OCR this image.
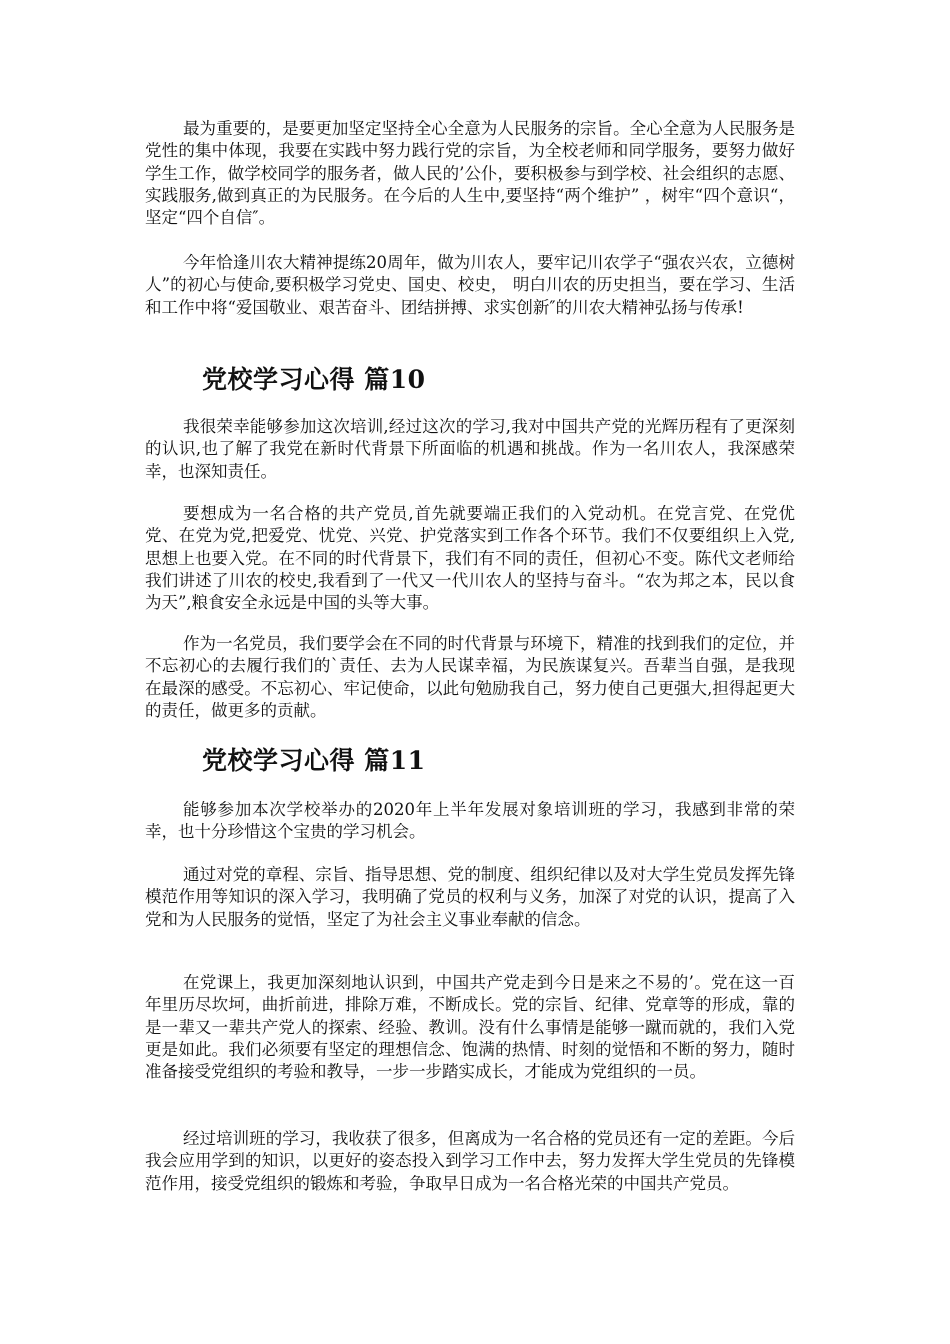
最为重要的，是要更加坚定坚持全心全意为人民服务的宗旨。全心全意为人民服务是党性的集中体现，我要在实践中努力践行党的宗旨，为全校老师和同学服务，要努力做好学生工作，做学校同学的服务者，做人民的’公仆，要积极参与到学校、社会组织的志愿、实践服务,做到真正的为民服务。在今后的人生中,要坚持“两个维护” ，树牢“四个意识“，坚定“四个自信″。

今年恰逢川农大精神提练20周年，做为川农人，要牢记川农学子“强农兴农，立德树人”的初心与使命,要积极学习党史、国史、校史， 明白川农的历史担当，要在学习、生活和工作中将“爱国敬业、艰苦奋斗、团结拼搏、求实创新″的川农大精神弘扬与传承!

党校学习心得 篇10

我很荣幸能够参加这次培训,经过这次的学习,我对中国共产党的光辉历程有了更深刻的认识,也了解了我党在新时代背景下所面临的机遇和挑战。作为一名川农人，我深感荣幸，也深知责任。

要想成为一名合格的共产党员,首先就要端正我们的入党动机。在党言党、在党优党、在党为党,把爱党、忧党、兴党、护党落实到工作各个环节。我们不仅要组织上入党,思想上也要入党。在不同的时代背景下，我们有不同的责任，但初心不变。陈代文老师给我们讲述了川农的校史,我看到了一代又一代川农人的坚持与奋斗。“农为邦之本，民以食为天”,粮食安全永远是中国的头等大事。

作为一名党员，我们要学会在不同的时代背景与环境下，精准的找到我们的定位，并不忘初心的去履行我们的`责任、去为人民谋幸福，为民族谋复兴。吾辈当自强，是我现在最深的感受。不忘初心、牢记使命，以此句勉励我自己，努力使自己更强大,担得起更大的责任，做更多的贡献。

党校学习心得 篇11

能够参加本次学校举办的2020年上半年发展对象培训班的学习，我感到非常的荣幸，也十分珍惜这个宝贵的学习机会。

通过对党的章程、宗旨、指导思想、党的制度、组织纪律以及对大学生党员发挥先锋模范作用等知识的深入学习，我明确了党员的权利与义务，加深了对党的认识，提高了入党和为人民服务的觉悟，坚定了为社会主义事业奉献的信念。

在党课上，我更加深刻地认识到，中国共产党走到今日是来之不易的’。党在这一百年里历尽坎坷，曲折前进，排除万难，不断成长。党的宗旨、纪律、党章等的形成，靠的是一辈又一辈共产党人的探索、经验、教训。没有什么事情是能够一蹴而就的，我们入党更是如此。我们必须要有坚定的理想信念、饱满的热情、时刻的觉悟和不断的努力，随时准备接受党组织的考验和教导，一步一步踏实成长，才能成为党组织的一员。

经过培训班的学习，我收获了很多，但离成为一名合格的党员还有一定的差距。今后我会应用学到的知识，以更好的姿态投入到学习工作中去，努力发挥大学生党员的先锋模范作用，接受党组织的锻炼和考验，争取早日成为一名合格光荣的中国共产党员。
